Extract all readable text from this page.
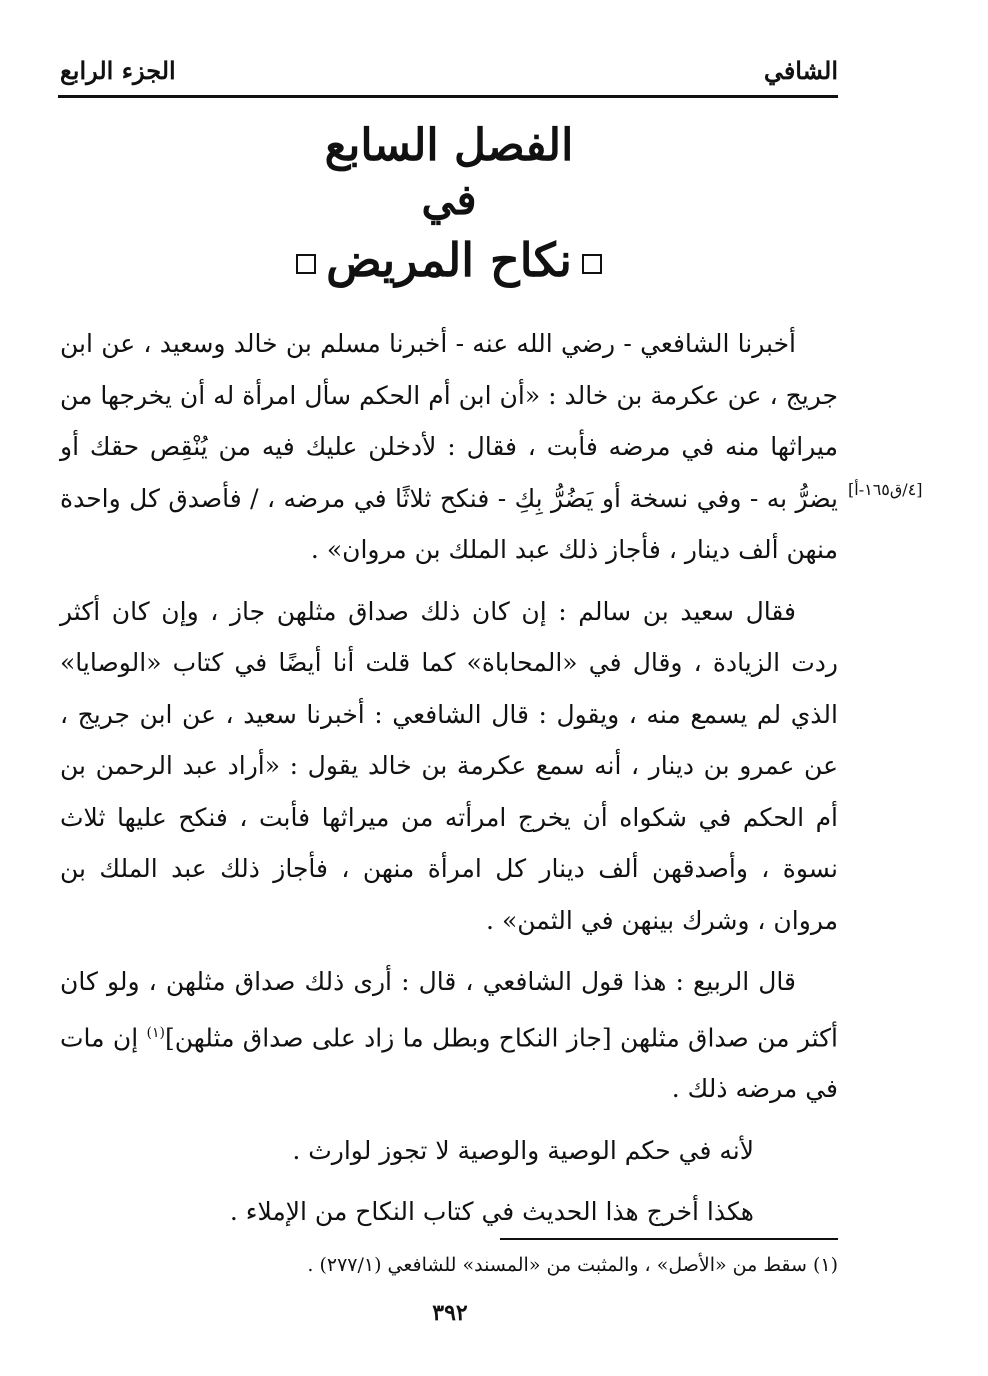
الشافي
الجزء الرابع
الفصل السابع
في
نكاح المريض
[٤/ق١٦٥-أ]

أخبرنا الشافعي - رضي الله عنه - أخبرنا مسلم بن خالد وسعيد ، عن ابن جريج ، عن عكرمة بن خالد : «أن ابن أم الحكم سأل امرأة له أن يخرجها من ميراثها منه في مرضه فأبت ، فقال : لأدخلن عليك فيه من يُنْقِص حقك أو يضرُّ به - وفي نسخة أو يَضُرُّ بِكِ - فنكح ثلاثًا في مرضه ، / فأصدق كل واحدة منهن ألف دينار ، فأجاز ذلك عبد الملك بن مروان» .

فقال سعيد بن سالم : إن كان ذلك صداق مثلهن جاز ، وإن كان أكثر ردت الزيادة ، وقال في «المحاباة» كما قلت أنا أيضًا في كتاب «الوصايا» الذي لم يسمع منه ، ويقول : قال الشافعي : أخبرنا سعيد ، عن ابن جريج ، عن عمرو بن دينار ، أنه سمع عكرمة بن خالد يقول : «أراد عبد الرحمن بن أم الحكم في شكواه أن يخرج امرأته من ميراثها فأبت ، فنكح عليها ثلاث نسوة ، وأصدقهن ألف دينار كل امرأة منهن ، فأجاز ذلك عبد الملك بن مروان ، وشرك بينهن في الثمن» .

قال الربيع : هذا قول الشافعي ، قال : أرى ذلك صداق مثلهن ، ولو كان أكثر من صداق مثلهن [جاز النكاح وبطل ما زاد على صداق مثلهن]$^{(١)}$ إن مات في مرضه ذلك .

لأنه في حكم الوصية والوصية لا تجوز لوارث .

هكذا أخرج هذا الحديث في كتاب النكاح من الإملاء .

(١) سقط من «الأصل» ، والمثبت من «المسند» للشافعي (٢٧٧/١) .
٣٩٢
